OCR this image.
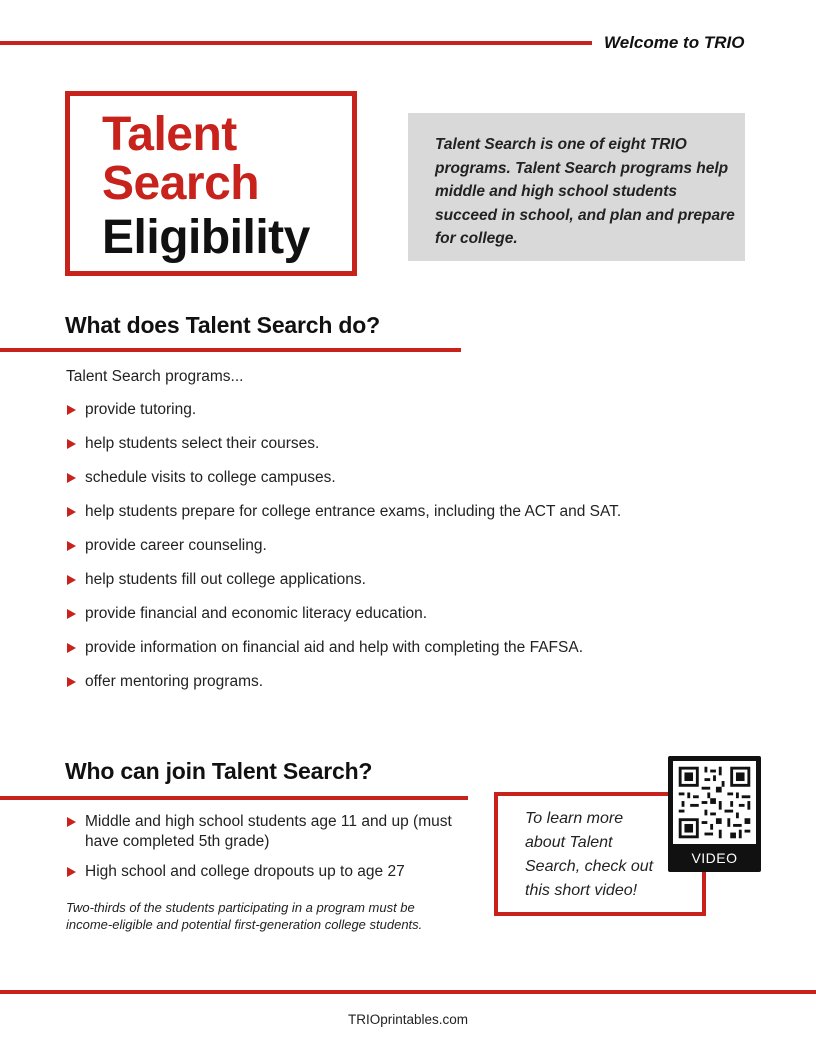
Welcome to TRIO
Talent
Search
Eligibility
Talent Search is one of eight TRIO programs. Talent Search programs help middle and high school students succeed in school, and plan and prepare for college.
What does Talent Search do?
Talent Search programs...
provide tutoring.
help students select their courses.
schedule visits to college campuses.
help students prepare for college entrance exams, including the ACT and SAT.
provide career counseling.
help students fill out college applications.
provide financial and economic literacy education.
provide information on financial aid and help with completing the FAFSA.
offer mentoring programs.
Who can join Talent Search?
Middle and high school students age 11 and up (must have completed 5th grade)
High school and college dropouts up to age 27
Two-thirds of the students participating in a program must be income-eligible and potential first-generation college students.
To learn more about Talent Search, check out this short video!
VIDEO
TRIOprintables.com
